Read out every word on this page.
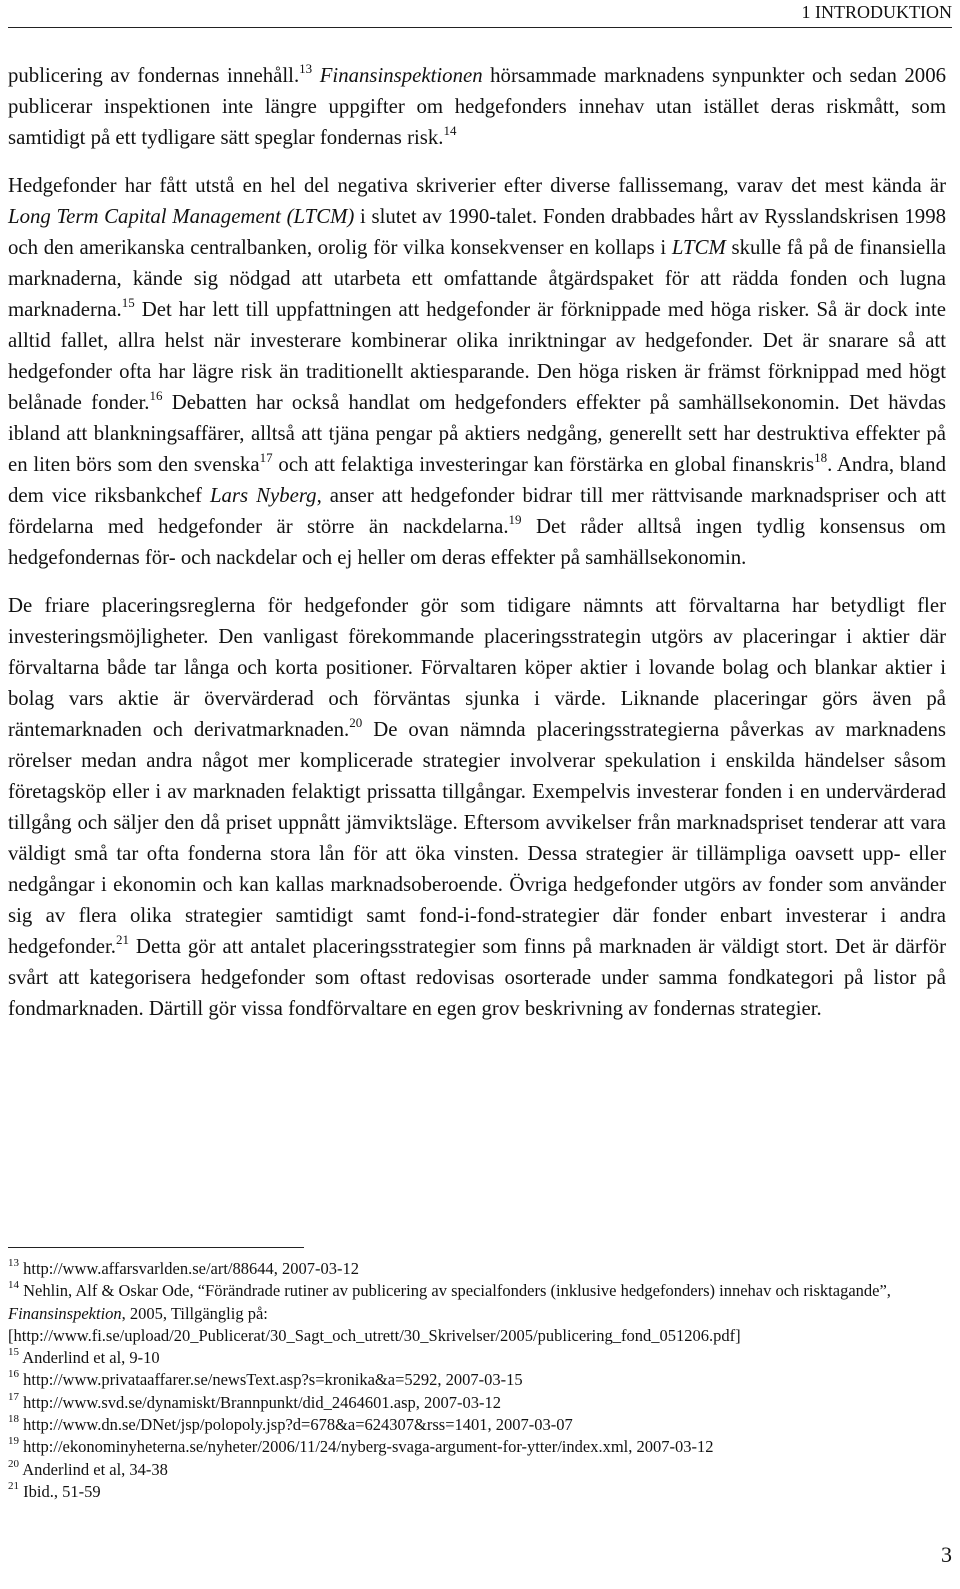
1 INTRODUKTION

publicering av fondernas innehåll.$^{13}$ Finansinspektionen hörsammade marknadens synpunkter och sedan 2006 publicerar inspektionen inte längre uppgifter om hedgefonders innehav utan istället deras riskmått, som samtidigt på ett tydligare sätt speglar fondernas risk.$^{14}$

Hedgefonder har fått utstå en hel del negativa skriverier efter diverse fallissemang, varav det mest kända är Long Term Capital Management (LTCM) i slutet av 1990-talet. Fonden drabbades hårt av Rysslandskrisen 1998 och den amerikanska centralbanken, orolig för vilka konsekvenser en kollaps i LTCM skulle få på de finansiella marknaderna, kände sig nödgad att utarbeta ett omfattande åtgärdspaket för att rädda fonden och lugna marknaderna.$^{15}$ Det har lett till uppfattningen att hedgefonder är förknippade med höga risker. Så är dock inte alltid fallet, allra helst när investerare kombinerar olika inriktningar av hedgefonder. Det är snarare så att hedgefonder ofta har lägre risk än traditionellt aktiesparande. Den höga risken är främst förknippad med högt belånade fonder.$^{16}$ Debatten har också handlat om hedgefonders effekter på samhällsekonomin. Det hävdas ibland att blankningsaffärer, alltså att tjäna pengar på aktiers nedgång, generellt sett har destruktiva effekter på en liten börs som den svenska$^{17}$ och att felaktiga investeringar kan förstärka en global finanskris$^{18}$. Andra, bland dem vice riksbankchef Lars Nyberg, anser att hedgefonder bidrar till mer rättvisande marknadspriser och att fördelarna med hedgefonder är större än nackdelarna.$^{19}$ Det råder alltså ingen tydlig konsensus om hedgefondernas för- och nackdelar och ej heller om deras effekter på samhällsekonomin.

De friare placeringsreglerna för hedgefonder gör som tidigare nämnts att förvaltarna har betydligt fler investeringsmöjligheter. Den vanligast förekommande placeringsstrategin utgörs av placeringar i aktier där förvaltarna både tar långa och korta positioner. Förvaltaren köper aktier i lovande bolag och blankar aktier i bolag vars aktie är övervärderad och förväntas sjunka i värde. Liknande placeringar görs även på räntemarknaden och derivatmarknaden.$^{20}$ De ovan nämnda placeringsstrategierna påverkas av marknadens rörelser medan andra något mer komplicerade strategier involverar spekulation i enskilda händelser såsom företagsköp eller i av marknaden felaktigt prissatta tillgångar. Exempelvis investerar fonden i en undervärderad tillgång och säljer den då priset uppnått jämviktsläge. Eftersom avvikelser från marknadspriset tenderar att vara väldigt små tar ofta fonderna stora lån för att öka vinsten. Dessa strategier är tillämpliga oavsett upp- eller nedgångar i ekonomin och kan kallas marknadsoberoende. Övriga hedgefonder utgörs av fonder som använder sig av flera olika strategier samtidigt samt fond-i-fond-strategier där fonder enbart investerar i andra hedgefonder.$^{21}$ Detta gör att antalet placeringsstrategier som finns på marknaden är väldigt stort. Det är därför svårt att kategorisera hedgefonder som oftast redovisas osorterade under samma fondkategori på listor på fondmarknaden. Därtill gör vissa fondförvaltare en egen grov beskrivning av fondernas strategier.

$^{13}$ http://www.affarsvarlden.se/art/88644, 2007-03-12

$^{14}$ Nehlin, Alf & Oskar Ode, “Förändrade rutiner av publicering av specialfonders (inklusive hedgefonders) innehav och risktagande”, Finansinspektion, 2005, Tillgänglig på:
[http://www.fi.se/upload/20_Publicerat/30_Sagt_och_utrett/30_Skrivelser/2005/publicering_fond_051206.pdf]

$^{15}$ Anderlind et al, 9-10

$^{16}$ http://www.privataaffarer.se/newsText.asp?s=kronika&a=5292, 2007-03-15

$^{17}$ http://www.svd.se/dynamiskt/Brannpunkt/did_2464601.asp, 2007-03-12

$^{18}$ http://www.dn.se/DNet/jsp/polopoly.jsp?d=678&a=624307&rss=1401, 2007-03-07

$^{19}$ http://ekonominyheterna.se/nyheter/2006/11/24/nyberg-svaga-argument-for-ytter/index.xml, 2007-03-12

$^{20}$ Anderlind et al, 34-38

$^{21}$ Ibid., 51-59

3
